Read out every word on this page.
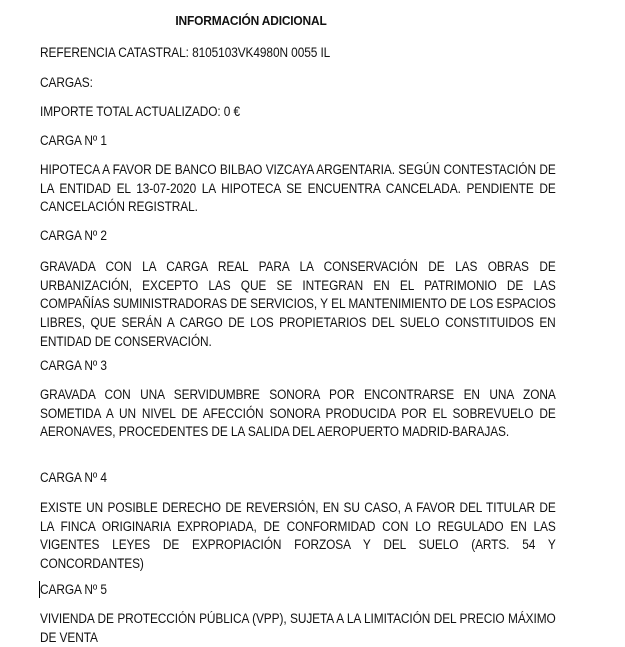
INFORMACIÓN ADICIONAL
REFERENCIA CATASTRAL: 8105103VK4980N 0055 IL
CARGAS:
IMPORTE TOTAL ACTUALIZADO: 0 €
CARGA Nº 1
HIPOTECA A FAVOR DE BANCO BILBAO VIZCAYA ARGENTARIA. SEGÚN CONTESTACIÓN DE LA ENTIDAD EL 13-07-2020 LA HIPOTECA SE ENCUENTRA CANCELADA. PENDIENTE DE CANCELACIÓN REGISTRAL.
CARGA Nº 2
GRAVADA CON LA CARGA REAL PARA LA CONSERVACIÓN DE LAS OBRAS DE URBANIZACIÓN, EXCEPTO LAS QUE SE INTEGRAN EN EL PATRIMONIO DE LAS COMPAÑÍAS SUMINISTRADORAS DE SERVICIOS, Y EL MANTENIMIENTO DE LOS ESPACIOS LIBRES, QUE SERÁN A CARGO DE LOS PROPIETARIOS DEL SUELO CONSTITUIDOS EN ENTIDAD DE CONSERVACIÓN.
CARGA Nº 3
GRAVADA CON UNA SERVIDUMBRE SONORA POR ENCONTRARSE EN UNA ZONA SOMETIDA A UN NIVEL DE AFECCIÓN SONORA PRODUCIDA POR EL SOBREVUELO DE AERONAVES, PROCEDENTES DE LA SALIDA DEL AEROPUERTO MADRID-BARAJAS.
CARGA Nº 4
EXISTE UN POSIBLE DERECHO DE REVERSIÓN, EN SU CASO, A FAVOR DEL TITULAR DE LA FINCA ORIGINARIA EXPROPIADA, DE CONFORMIDAD CON LO REGULADO EN LAS VIGENTES LEYES DE EXPROPIACIÓN FORZOSA Y DEL SUELO (ARTS. 54 Y CONCORDANTES)
CARGA Nº 5
VIVIENDA DE PROTECCIÓN PÚBLICA (VPP), SUJETA A LA LIMITACIÓN DEL PRECIO MÁXIMO DE VENTA
